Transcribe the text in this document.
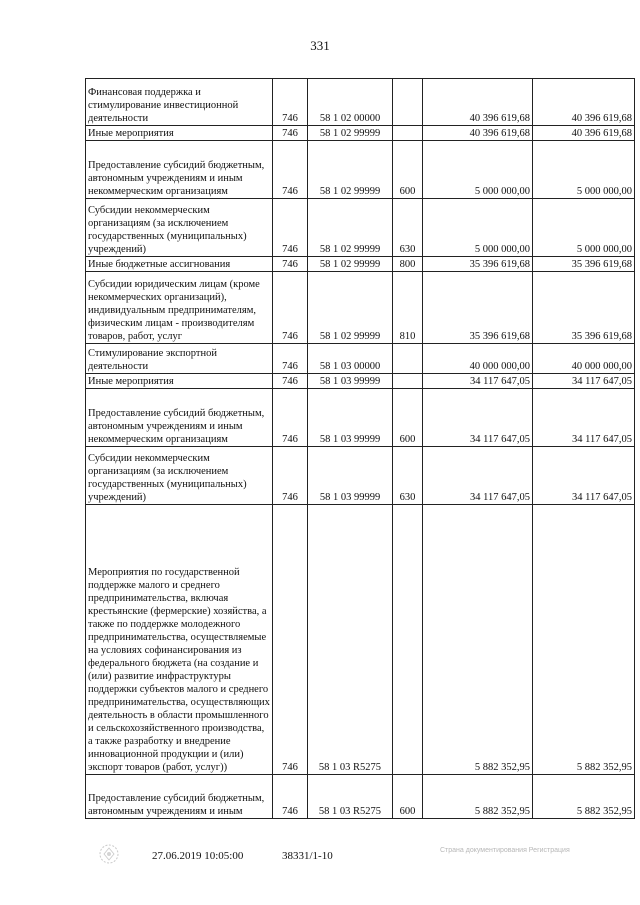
331
Финансовая поддержка и стимулирование инвестиционной деятельности	746	58 1 02 00000		40 396 619,68	40 396 619,68
Иные мероприятия	746	58 1 02 99999		40 396 619,68	40 396 619,68
Предоставление субсидий бюджетным, автономным учреждениям и иным некоммерческим организациям	746	58 1 02 99999	600	5 000 000,00	5 000 000,00
Субсидии некоммерческим организациям (за исключением государственных (муниципальных) учреждений)	746	58 1 02 99999	630	5 000 000,00	5 000 000,00
Иные бюджетные ассигнования	746	58 1 02 99999	800	35 396 619,68	35 396 619,68
Субсидии юридическим лицам (кроме некоммерческих организаций), индивидуальным предпринимателям, физическим лицам - производителям товаров, работ, услуг	746	58 1 02 99999	810	35 396 619,68	35 396 619,68
Стимулирование экспортной деятельности	746	58 1 03 00000		40 000 000,00	40 000 000,00
Иные мероприятия	746	58 1 03 99999		34 117 647,05	34 117 647,05
Предоставление субсидий бюджетным, автономным учреждениям и иным некоммерческим организациям	746	58 1 03 99999	600	34 117 647,05	34 117 647,05
Субсидии некоммерческим организациям (за исключением государственных (муниципальных) учреждений)	746	58 1 03 99999	630	34 117 647,05	34 117 647,05
Мероприятия по государственной поддержке малого и среднего предпринимательства, включая крестьянские (фермерские) хозяйства, а также по поддержке молодежного предпринимательства, осуществляемые на условиях софинансирования из федерального бюджета (на создание и (или) развитие инфраструктуры поддержки субъектов малого и среднего предпринимательства, осуществляющих деятельность в области промышленного и сельскохозяйственного производства, а также разработку и внедрение инновационной продукции и (или) экспорт товаров (работ, услуг))	746	58 1 03 R5275		5 882 352,95	5 882 352,95
Предоставление субсидий бюджетным, автономным учреждениям и иным	746	58 1 03 R5275	600	5 882 352,95	5 882 352,95
27.06.2019 10:05:00	38331/1-10	Страна документирования Регистрация
